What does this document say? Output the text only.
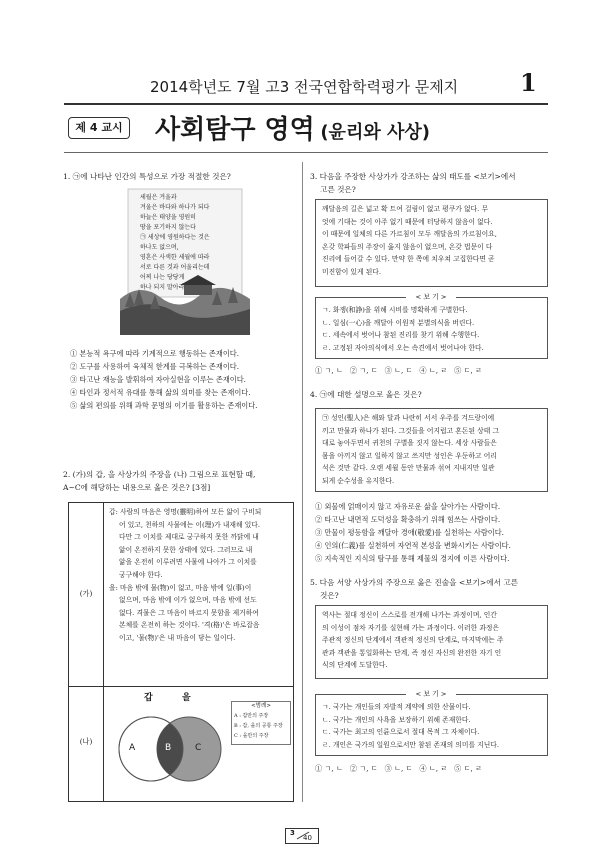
2014학년도 7월 고3 전국연합학력평가 문제지	1
제 4 교시 사회탐구 영역 (윤리와 사상)
1. ㉠에 나타난 인간의 특성으로 가장 적절한 것은?
세월은 겨울과
겨울은 바다와 하나가 되다
하늘은 태양을 영원히
땅을 포기하지 않는다
㉠ 세상에 영원하다는 것은
하나도 없으며,
영혼은 사색한 세월에 따라
서로 다른 것과 어울리는데
어찌 나는 당당게
하나 되지 말아라
① 본능적 욕구에 따라 기계적으로 행동하는 존재이다.
② 도구를 사용하여 육체적 한계를 극복하는 존재이다.
③ 타고난 재능을 발휘하여 자아실현을 이루는 존재이다.
④ 타인과 정서적 유대를 통해 삶의 의미를 찾는 존재이다.
⑤ 삶의 편의를 위해 과학 문명의 이기를 활용하는 존재이다.
2. (가)의 갑, 을 사상가의 주장을 (나) 그림으로 표현할 때,
A~C에 해당하는 내용으로 옳은 것은? [3점]
(가)
(나)
갑: 사람의 마음은 영명(靈明)하여 모든 앎이 구비되
어 있고, 천하의 사물에는 이(理)가 내재해 있다.
다만 그 이치를 제대로 궁구하지 못한 까닭에 내
앎이 온전하지 못한 상태에 있다. 그러므로 내
앎을 온전히 이루려면 사물에 나아가 그 이치를
궁구해야 한다.
을: 마음 밖에 물(物)이 없고, 마음 밖에 일(事)이
없으며, 마음 밖에 이가 없으며, 마음 밖에 선도
없다. 격물은 그 마음이 바르지 못함을 제거하여
본체를 온전히 하는 것이다. '격(格)'은 바로잡음
이고, '물(物)'은 내 마음이 닿는 일이다.
갑	을
A	B	C
<범례>
A : 갑만의 주장
B : 갑, 을의 공통 주장
C : 을만의 주장
3. 다음을 주장한 사상가가 강조하는 삶의 태도를 <보기>에서
고른 것은?
깨달음의 길은 넓고 확 트여 걸림이 없고 평쿠가 없다. 무
엇에 기대는 것이 아주 없기 때문에 터당하지 않음이 없다.
이 때문에 일체의 다른 가르침이 모두 깨달음의 가르침이요,
온갖 학파들의 주장이 옳지 않음이 없으며, 온갖 법문이 다
진리에 들어갈 수 있다. 만약 한 쪽에 치우쳐 고집한다면 곧
미진함이 있게 된다.
< 보 기 >
ㄱ. 화쟁(和諍)을 위해 시비를 명확하게 구별한다.
ㄴ. 일심(一心)을 깨달아 이원적 분별의식을 버린다.
ㄷ. 세속에서 벗어나 참된 진리를 찾기 위해 수행한다.
ㄹ. 고정된 자아의식에서 오는 속견에서 벗어나야 한다.
① ㄱ, ㄴ   ② ㄱ, ㄷ   ③ ㄴ, ㄷ   ④ ㄴ, ㄹ   ⑤ ㄷ, ㄹ
4. ㉠에 대한 설명으로 옳은 것은?
㉠ 성인(聖人)은 해와 달과 나란히 서서 우주를 겨드랑이에
끼고 만물과 하나가 된다. 그것들을 어지럽고 혼돈된 상태 그
대로 놓아두면서 귀천의 구별을 짓지 않는다. 세상 사람들은
몸을 아끼지 않고 일하지 않고 쓰지만 성인은 우둔하고 어리
석은 것만 같다. 오랜 세월 동안 만물과 섞여 지내지만 일관
되게 순수성을 유지한다.
① 외물에 얽매이지 않고 자유로운 삶을 살아가는 사람이다.
② 타고난 내면적 도덕성을 확충하기 위해 힘쓰는 사람이다.
③ 만물이 평등함을 깨달아 경애(敬愛)를 실천하는 사람이다.
④ 인의(仁義)를 실천하여 자연적 본성을 변화시키는 사람이다.
⑤ 지속적인 지식의 탐구를 통해 제물의 경지에 이른 사람이다.
5. 다음 서양 사상가의 주장으로 옳은 진술을 <보기>에서 고른
것은?
역사는 절대 정신이 스스로를 전개해 나가는 과정이며, 인간
의 이성이 점차 자기를 실현해 가는 과정이다. 이러한 과정은
주관적 정신의 단계에서 객관적 정신의 단계로, 마지막에는 주
관과 객관을 통일화하는 단계, 즉 정신 자신의 완전한 자기 인
식의 단계에 도달한다.
< 보 기 >
ㄱ. 국가는 개인들의 자발적 계약에 의한 산물이다.
ㄴ. 국가는 개인의 사욕을 보장하기 위해 존재한다.
ㄷ. 국가는 최고의 인륜으로서 절대 목적 그 자체이다.
ㄹ. 개인은 국가의 일원으로서만 참된 존재의 의미를 지닌다.
① ㄱ, ㄴ   ② ㄱ, ㄷ   ③ ㄴ, ㄷ   ④ ㄴ, ㄹ   ⑤ ㄷ, ㄹ
3
40
